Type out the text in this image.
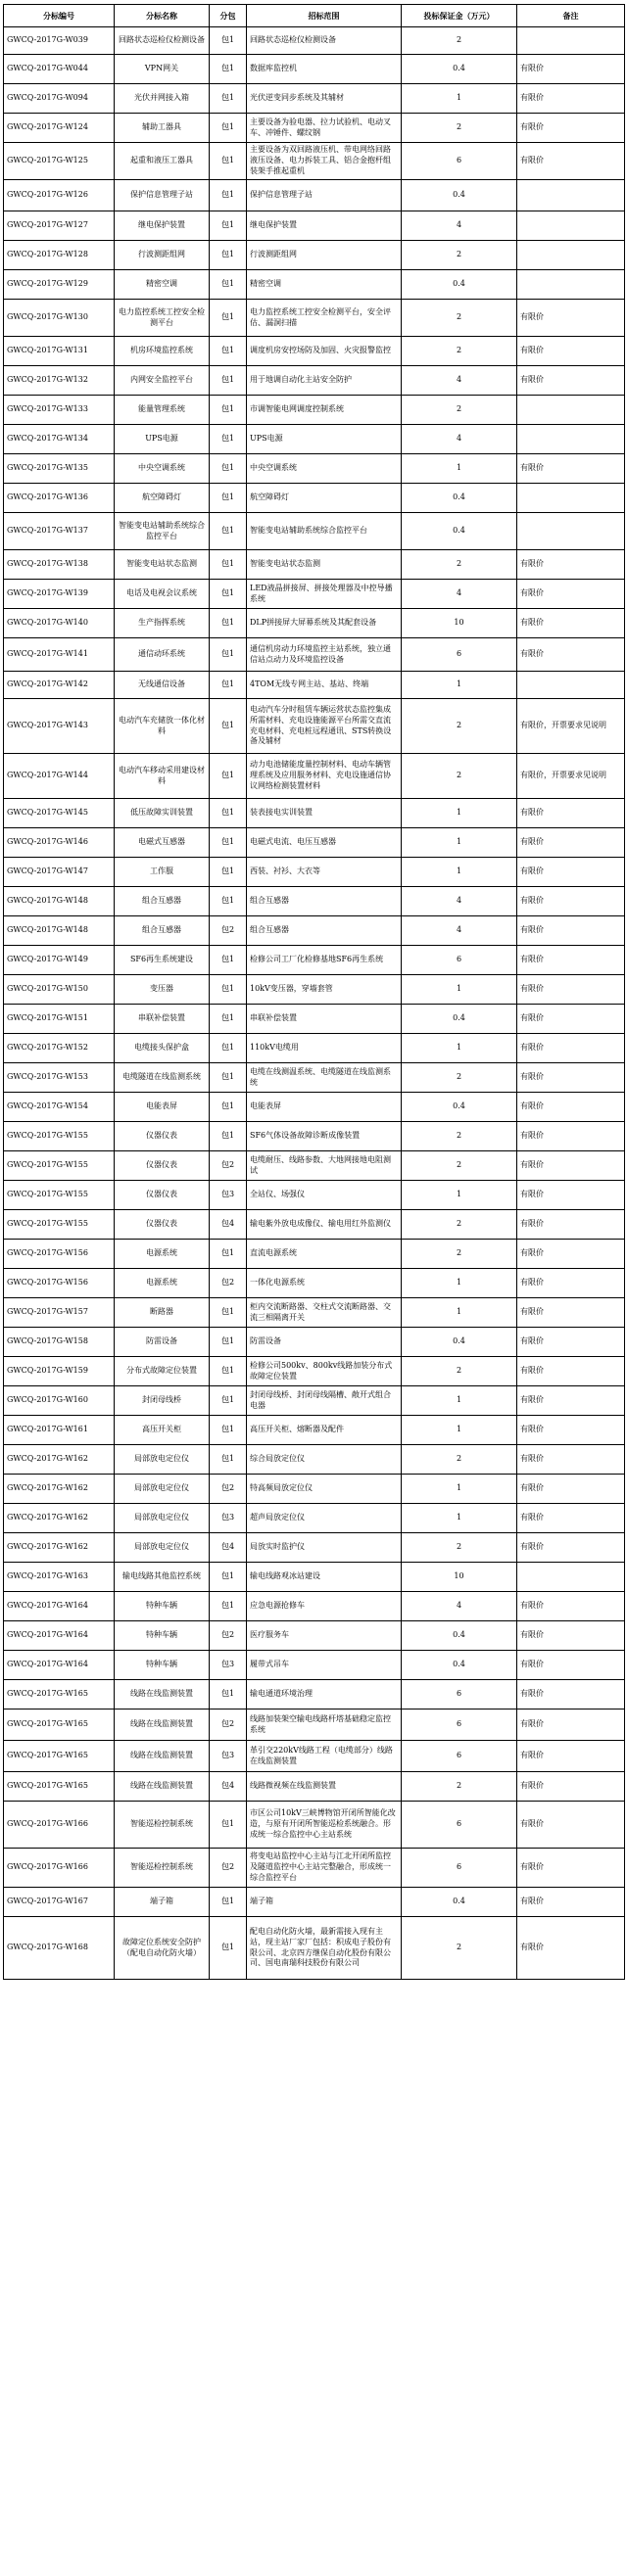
分标编号	分标名称	分包	招标范围	投标保证金（万元）	备注
GWCQ-2017G-W039	回路状态巡检仪检测设备	包1	回路状态巡检仪检测设备	2	
GWCQ-2017G-W044	VPN网关	包1	数据库监控机	0.4	有限价
GWCQ-2017G-W094	光伏并网接入箱	包1	光伏逆变同步系统及其辅材	1	有限价
GWCQ-2017G-W124	辅助工器具	包1	主要设备为验电器、拉力试验机、电动叉车、冲锤件、螺纹钢	2	有限价
GWCQ-2017G-W125	起重和液压工器具	包1	主要设备为双回路液压机、带电网络回路液压设备、电力拆装工具、铝合金抱杆组装架手推起重机	6	有限价
GWCQ-2017G-W126	保护信息管理子站	包1	保护信息管理子站	0.4	
GWCQ-2017G-W127	继电保护装置	包1	继电保护装置	4	
GWCQ-2017G-W128	行波测距组网	包1	行波测距组网	2	
GWCQ-2017G-W129	精密空调	包1	精密空调	0.4	
GWCQ-2017G-W130	电力监控系统工控安全检测平台	包1	电力监控系统工控安全检测平台，安全评估、漏洞扫描	2	有限价
GWCQ-2017G-W131	机房环境监控系统	包1	调度机房安控场防及加固、火灾报警监控	2	有限价
GWCQ-2017G-W132	内网安全监控平台	包1	用于地调自动化主站安全防护	4	有限价
GWCQ-2017G-W133	能量管理系统	包1	市调智能电网调度控制系统	2	
GWCQ-2017G-W134	UPS电源	包1	UPS电源	4	
GWCQ-2017G-W135	中央空调系统	包1	中央空调系统	1	有限价
GWCQ-2017G-W136	航空障碍灯	包1	航空障碍灯	0.4	
GWCQ-2017G-W137	智能变电站辅助系统综合监控平台	包1	智能变电站辅助系统综合监控平台	0.4	
GWCQ-2017G-W138	智能变电站状态监测	包1	智能变电站状态监测	2	有限价
GWCQ-2017G-W139	电话及电视会议系统	包1	LED液晶拼接屏、拼接处理器及中控导播系统	4	有限价
GWCQ-2017G-W140	生产指挥系统	包1	DLP拼接屏大屏幕系统及其配套设备	10	有限价
GWCQ-2017G-W141	通信动环系统	包1	通信机房动力环境监控主站系统，独立通信站点动力及环境监控设备	6	有限价
GWCQ-2017G-W142	无线通信设备	包1	4TOM无线专网主站、基站、终端	1	
GWCQ-2017G-W143	电动汽车充储放一体化材料	包1	电动汽车分时租赁车辆运营状态监控集成所需材料、充电设施能源平台所需交直流充电材料、充电桩远程通讯、STS转换设备及辅材	2	有限价，开票要求见说明
GWCQ-2017G-W144	电动汽车移动采用建设材料	包1	动力电池储能度量控制材料、电动车辆管理系统及应用服务材料、充电设施通信协议网络检测装置材料	2	有限价，开票要求见说明
GWCQ-2017G-W145	低压故障实训装置	包1	装表接电实训装置	1	有限价
GWCQ-2017G-W146	电磁式互感器	包1	电磁式电流、电压互感器	1	有限价
GWCQ-2017G-W147	工作服	包1	西装、衬衫、大衣等	1	有限价
GWCQ-2017G-W148	组合互感器	包1	组合互感器	4	有限价
GWCQ-2017G-W148	组合互感器	包2	组合互感器	4	有限价
GWCQ-2017G-W149	SF6再生系统建设	包1	检修公司工厂化检修基地SF6再生系统	6	有限价
GWCQ-2017G-W150	变压器	包1	10kV变压器，穿墙套管	1	有限价
GWCQ-2017G-W151	串联补偿装置	包1	串联补偿装置	0.4	有限价
GWCQ-2017G-W152	电缆接头保护盒	包1	110kV电缆用	1	有限价
GWCQ-2017G-W153	电缆隧道在线监测系统	包1	电缆在线测温系统、电缆隧道在线监测系统	2	有限价
GWCQ-2017G-W154	电能表屏	包1	电能表屏	0.4	有限价
GWCQ-2017G-W155	仪器仪表	包1	SF6气体设备故障诊断成像装置	2	有限价
GWCQ-2017G-W155	仪器仪表	包2	电缆耐压、线路参数、大地网接地电阻测试	2	有限价
GWCQ-2017G-W155	仪器仪表	包3	全站仪、场强仪	1	有限价
GWCQ-2017G-W155	仪器仪表	包4	输电紫外放电成像仪、输电用红外监测仪	2	有限价
GWCQ-2017G-W156	电源系统	包1	直流电源系统	2	有限价
GWCQ-2017G-W156	电源系统	包2	一体化电源系统	1	有限价
GWCQ-2017G-W157	断路器	包1	柜内交流断路器、交柱式交流断路器、交流三相隔离开关	1	有限价
GWCQ-2017G-W158	防雷设备	包1	防雷设备	0.4	有限价
GWCQ-2017G-W159	分布式故障定位装置	包1	检修公司500kv、800kv线路加装分布式故障定位装置	2	有限价
GWCQ-2017G-W160	封闭母线桥	包1	封闭母线桥、封闭母线隔槽、敞开式组合电器	1	有限价
GWCQ-2017G-W161	高压开关柜	包1	高压开关柜、熔断器及配件	1	有限价
GWCQ-2017G-W162	局部放电定位仪	包1	综合局放定位仪	2	有限价
GWCQ-2017G-W162	局部放电定位仪	包2	特高频局放定位仪	1	有限价
GWCQ-2017G-W162	局部放电定位仪	包3	超声局放定位仪	1	有限价
GWCQ-2017G-W162	局部放电定位仪	包4	局放实时监护仪	2	有限价
GWCQ-2017G-W163	输电线路其他监控系统	包1	输电线路观冰站建设	10	
GWCQ-2017G-W164	特种车辆	包1	应急电源抢修车	4	有限价
GWCQ-2017G-W164	特种车辆	包2	医疗服务车	0.4	有限价
GWCQ-2017G-W164	特种车辆	包3	履带式吊车	0.4	有限价
GWCQ-2017G-W165	线路在线监测装置	包1	输电通道环境治理	6	有限价
GWCQ-2017G-W165	线路在线监测装置	包2	线路加装架空输电线路杆塔基础稳定监控系统	6	有限价
GWCQ-2017G-W165	线路在线监测装置	包3	革引交220kV线路工程（电缆部分）线路在线监测装置	6	有限价
GWCQ-2017G-W165	线路在线监测装置	包4	线路微视频在线监测装置	2	有限价
GWCQ-2017G-W166	智能巡检控制系统	包1	市区公司10kV三峡博物馆开闭所智能化改造，与原有开闭所智能巡检系统融合。形成统一综合监控中心主站系统	6	有限价
GWCQ-2017G-W166	智能巡检控制系统	包2	将变电站监控中心主站与江北开闭所监控及隧道监控中心主站完整融合，形成统一综合监控平台	6	有限价
GWCQ-2017G-W167	端子箱	包1	端子箱	0.4	有限价
GWCQ-2017G-W168	故障定位系统安全防护（配电自动化防火墙）	包1	配电自动化防火墙，最新需接入现有主站，现主站厂家厂包括：积成电子股份有限公司、北京四方继保自动化股份有限公司、国电南瑞科技股份有限公司	2	有限价
